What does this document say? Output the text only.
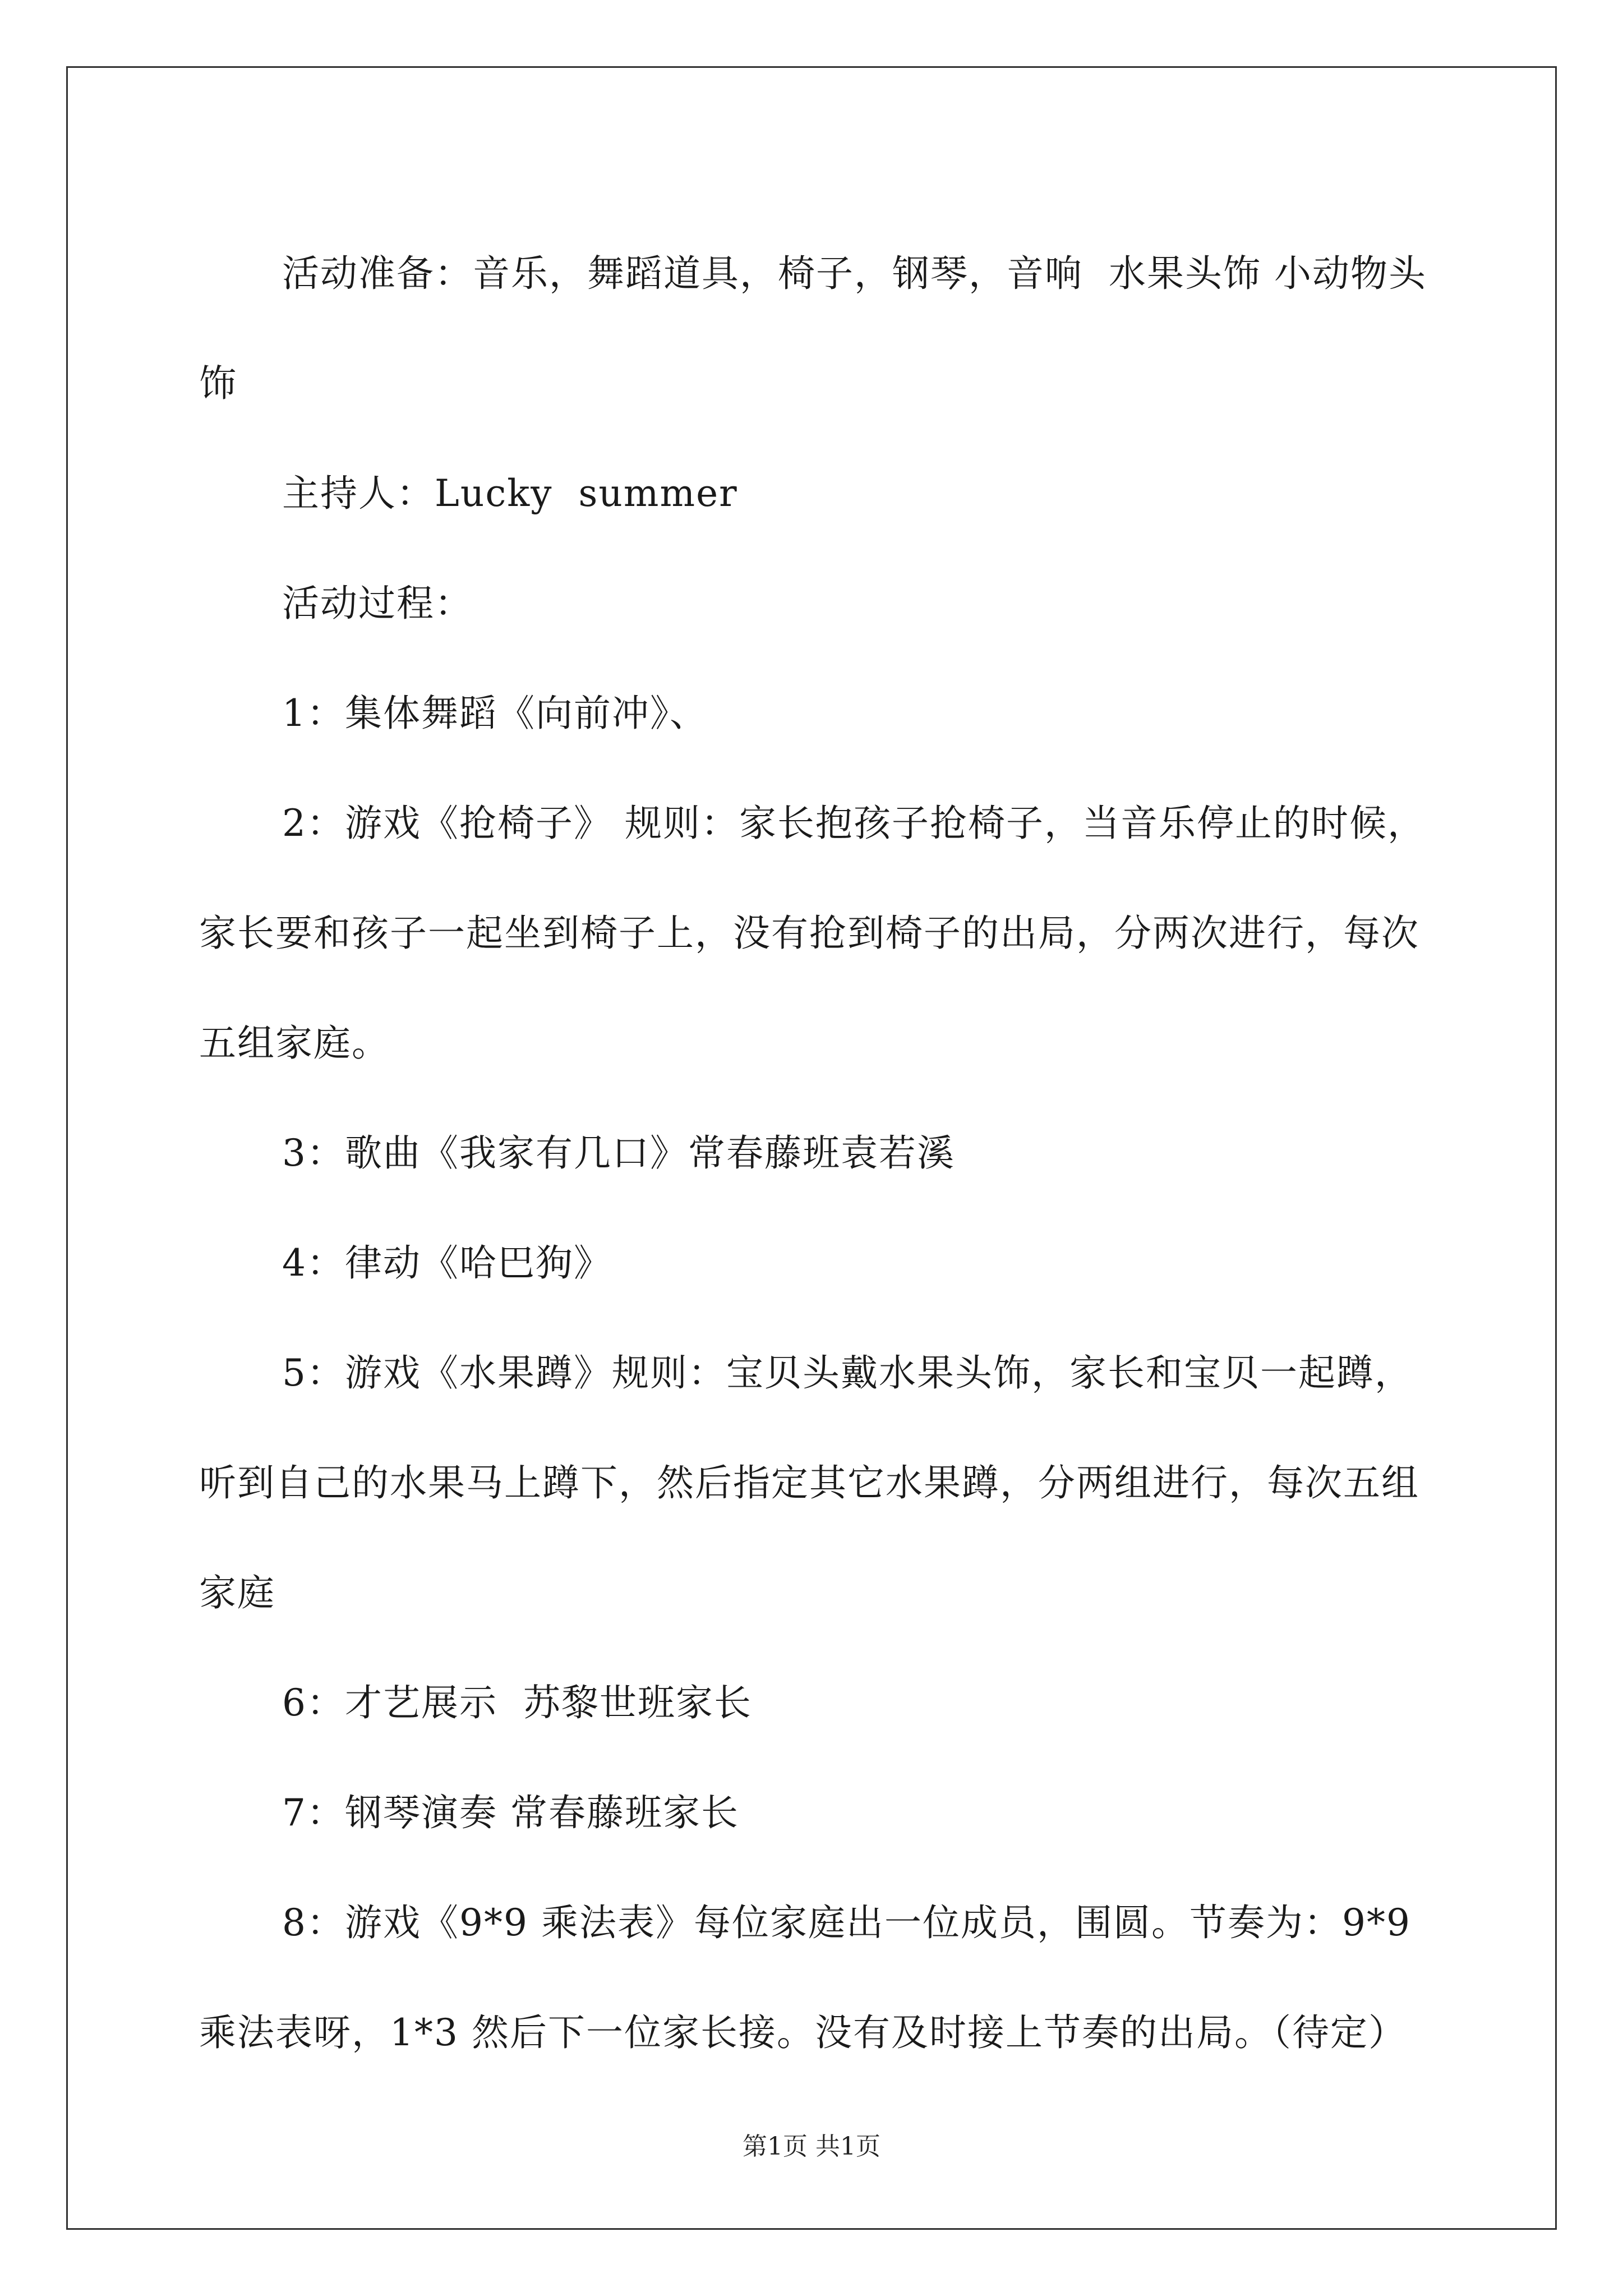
活动准备：音乐，舞蹈道具，椅子，钢琴，音响  水果头饰 小动物头饰

主持人：Lucky  summer

活动过程：

1：集体舞蹈《向前冲》、

2：游戏《抢椅子》 规则：家长抱孩子抢椅子，当音乐停止的时候，家长要和孩子一起坐到椅子上，没有抢到椅子的出局，分两次进行，每次五组家庭。

3：歌曲《我家有几口》常春藤班袁若溪

4：律动《哈巴狗》

5：游戏《水果蹲》规则：宝贝头戴水果头饰，家长和宝贝一起蹲，听到自己的水果马上蹲下，然后指定其它水果蹲，分两组进行，每次五组家庭

6：才艺展示  苏黎世班家长

7：钢琴演奏 常春藤班家长

8：游戏《9*9 乘法表》每位家庭出一位成员，围圆。节奏为：9*9 乘法表呀，1*3 然后下一位家长接。没有及时接上节奏的出局。（待定）

第1页 共1页
